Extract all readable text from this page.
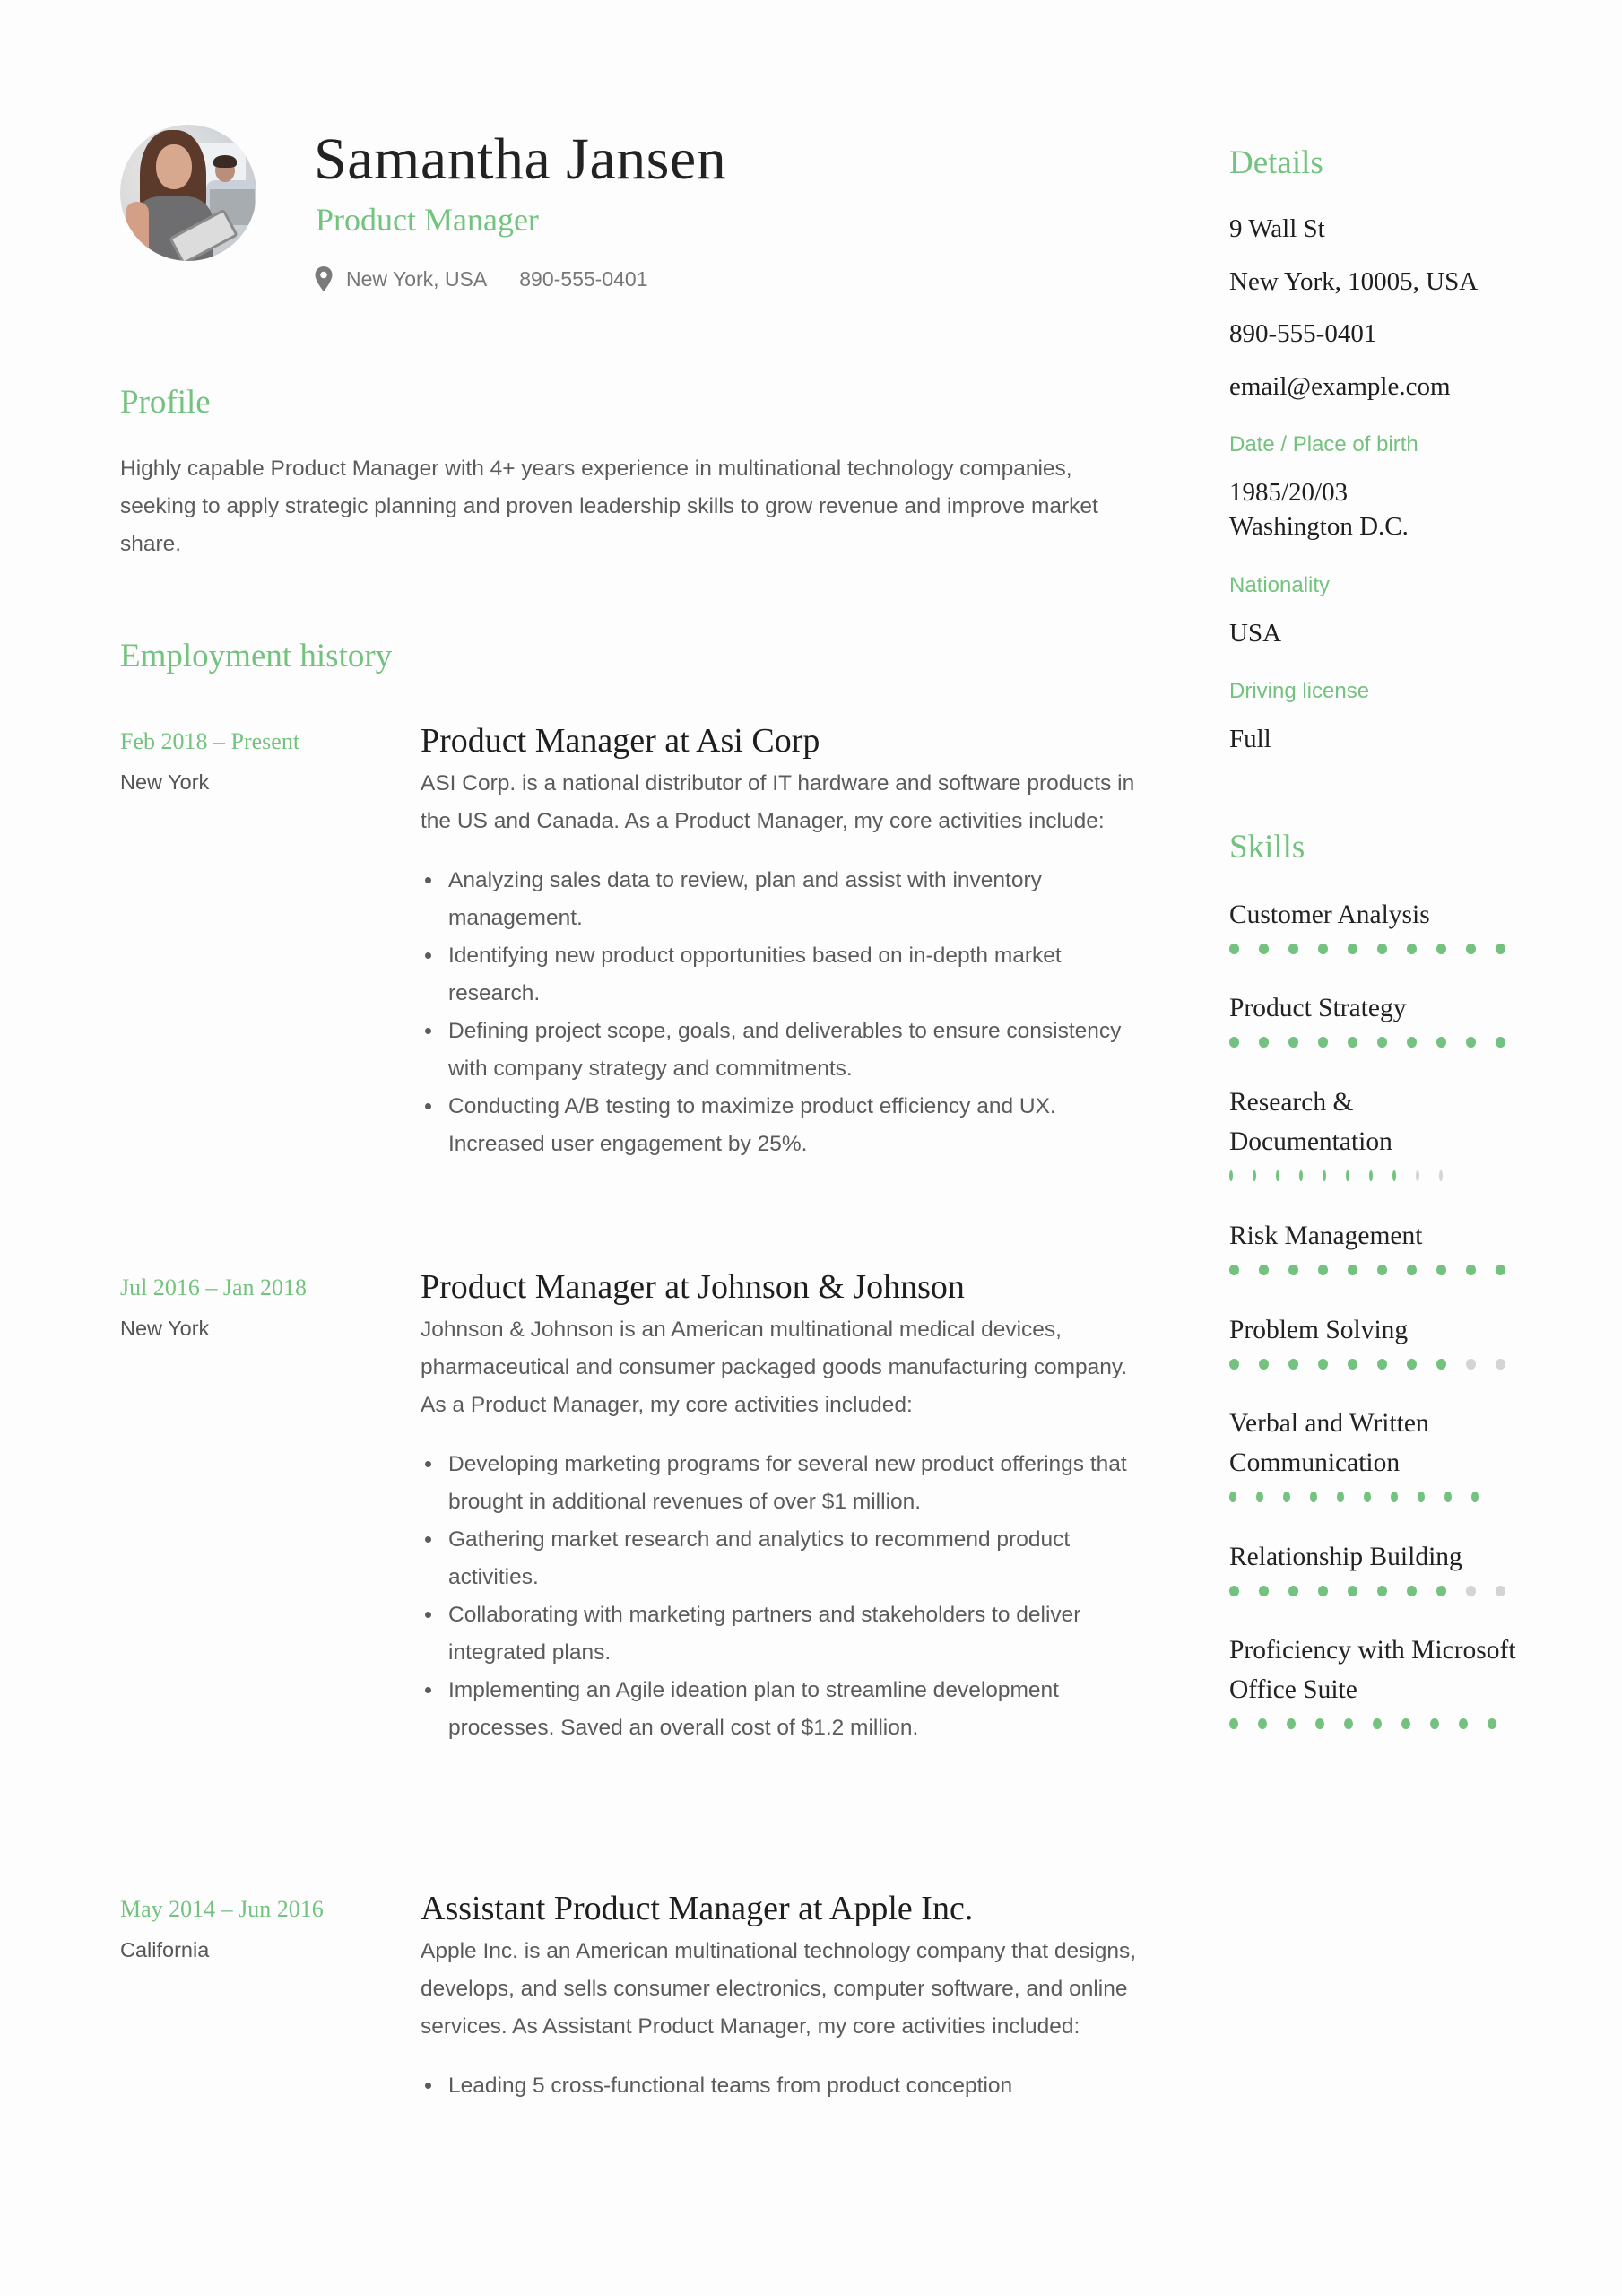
Samantha Jansen
Product Manager
New York, USA 890-555-0401
Profile
Highly capable Product Manager with 4+ years experience in multinational technology companies, seeking to apply strategic planning and proven leadership skills to grow revenue and improve market share.
Employment history
Feb 2018 – Present
New York
Product Manager at Asi Corp

ASI Corp. is a national distributor of IT hardware and software products in the US and Canada. As a Product Manager, my core activities include:

Analyzing sales data to review, plan and assist with inventory management.
Identifying new product opportunities based on in-depth market research.
Defining project scope, goals, and deliverables to ensure consistency with company strategy and commitments.
Conducting A/B testing to maximize product efficiency and UX. Increased user engagement by 25%.
Jul 2016 – Jan 2018
New York
Product Manager at Johnson & Johnson

Johnson & Johnson is an American multinational medical devices, pharmaceutical and consumer packaged goods manufacturing company. As a Product Manager, my core activities included:

Developing marketing programs for several new product offerings that brought in additional revenues of over $1 million.
Gathering market research and analytics to recommend product activities.
Collaborating with marketing partners and stakeholders to deliver integrated plans.
Implementing an Agile ideation plan to streamline development processes. Saved an overall cost of $1.2 million.
May 2014 – Jun 2016
California
Assistant Product Manager at Apple Inc.

Apple Inc. is an American multinational technology company that designs, develops, and sells consumer electronics, computer software, and online services. As Assistant Product Manager, my core activities included:

Leading 5 cross-functional teams from product conception
Details
9 Wall St
New York, 10005, USA
890-555-0401
email@example.com
Date / Place of birth
1985/20/03
Washington D.C.
Nationality
USA
Driving license
Full
Skills
Customer Analysis
Product Strategy
Research & Documentation
Risk Management
Problem Solving
Verbal and Written Communication
Relationship Building
Proficiency with Microsoft Office Suite
